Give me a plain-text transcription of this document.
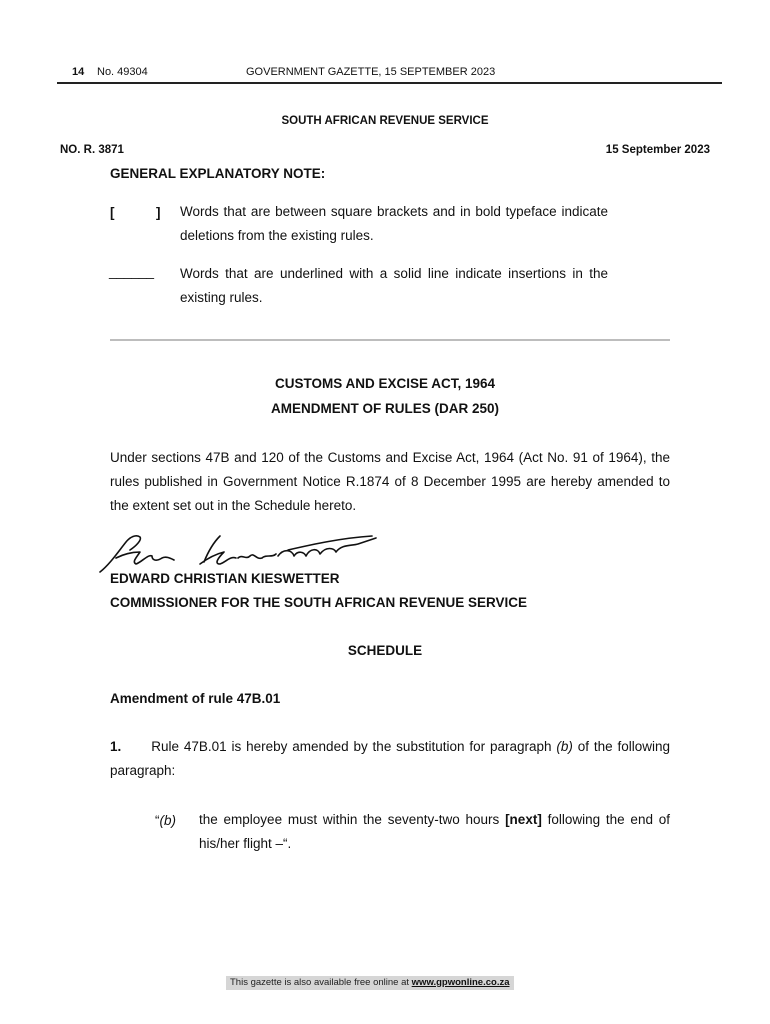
14 No. 49304	GOVERNMENT GAZETTE, 15 SEPTEMBER 2023
SOUTH AFRICAN REVENUE SERVICE
NO. R. 3871	15 September 2023
GENERAL EXPLANATORY NOTE:
[	] Words that are between square brackets and in bold typeface indicate deletions from the existing rules.
______ Words that are underlined with a solid line indicate insertions in the existing rules.
CUSTOMS AND EXCISE ACT, 1964
AMENDMENT OF RULES (DAR 250)
Under sections 47B and 120 of the Customs and Excise Act, 1964 (Act No. 91 of 1964), the rules published in Government Notice R.1874 of 8 December 1995 are hereby amended to the extent set out in the Schedule hereto.
EDWARD CHRISTIAN KIESWETTER
COMMISSIONER FOR THE SOUTH AFRICAN REVENUE SERVICE
SCHEDULE
Amendment of rule 47B.01
1. Rule 47B.01 is hereby amended by the substitution for paragraph (b) of the following paragraph:
“(b) the employee must within the seventy-two hours [next] following the end of his/her flight –“.
This gazette is also available free online at www.gpwonline.co.za
